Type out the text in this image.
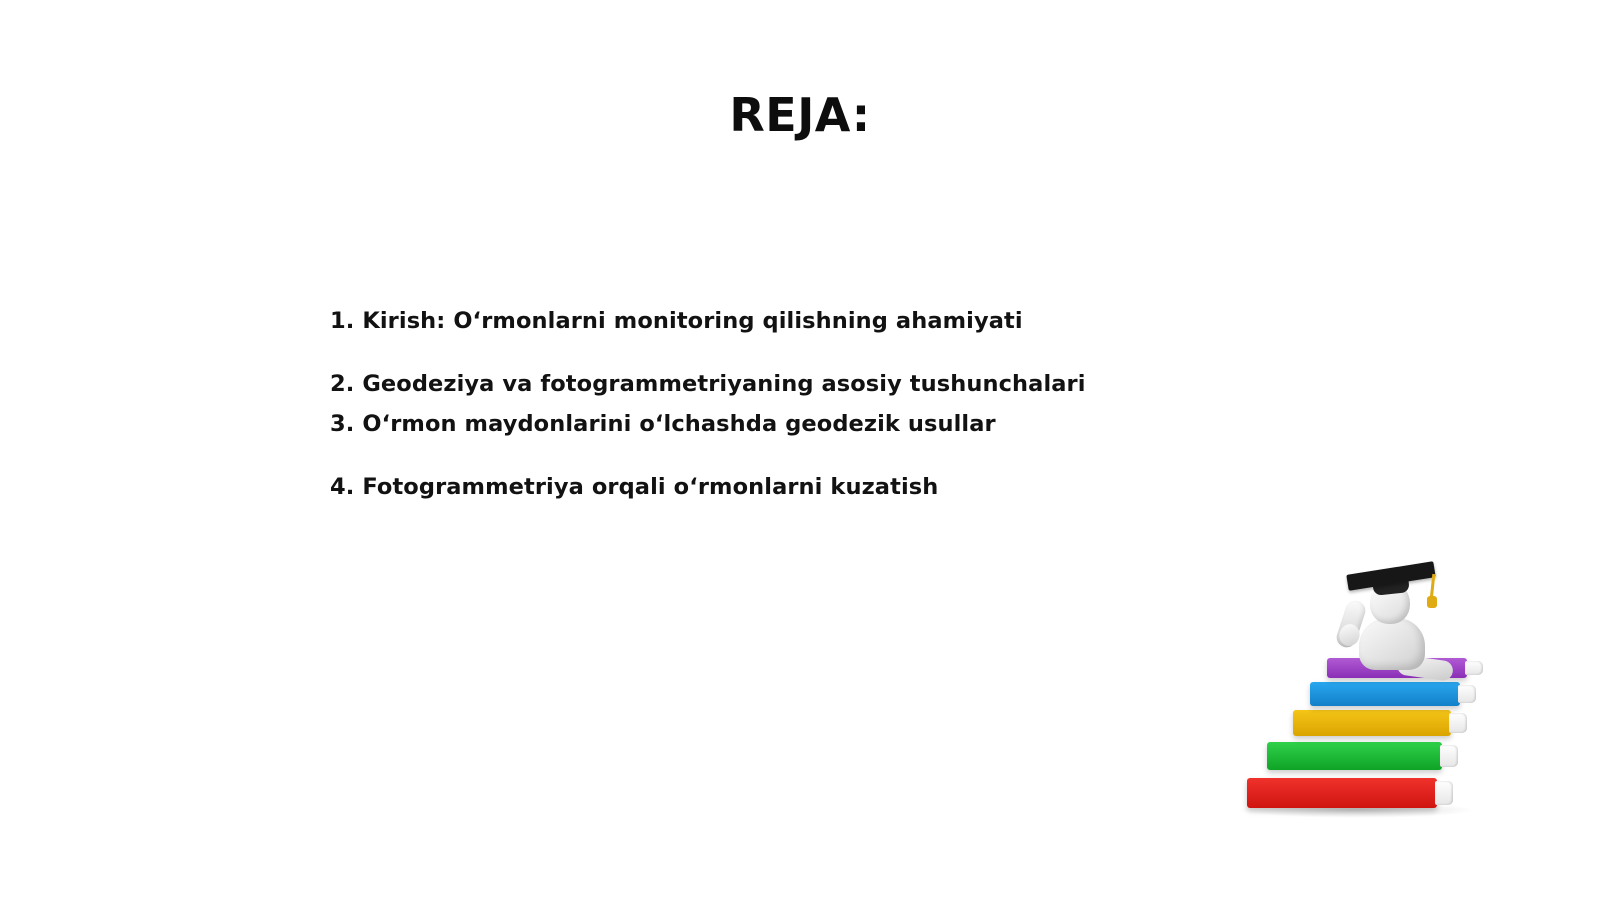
REJA:

1. Kirish: O‘rmonlarni monitoring qilishning ahamiyati

2. Geodeziya va fotogrammetriyaning asosiy tushunchalari

3. O‘rmon maydonlarini o‘lchashda geodezik usullar

4. Fotogrammetriya orqali o‘rmonlarni kuzatish
